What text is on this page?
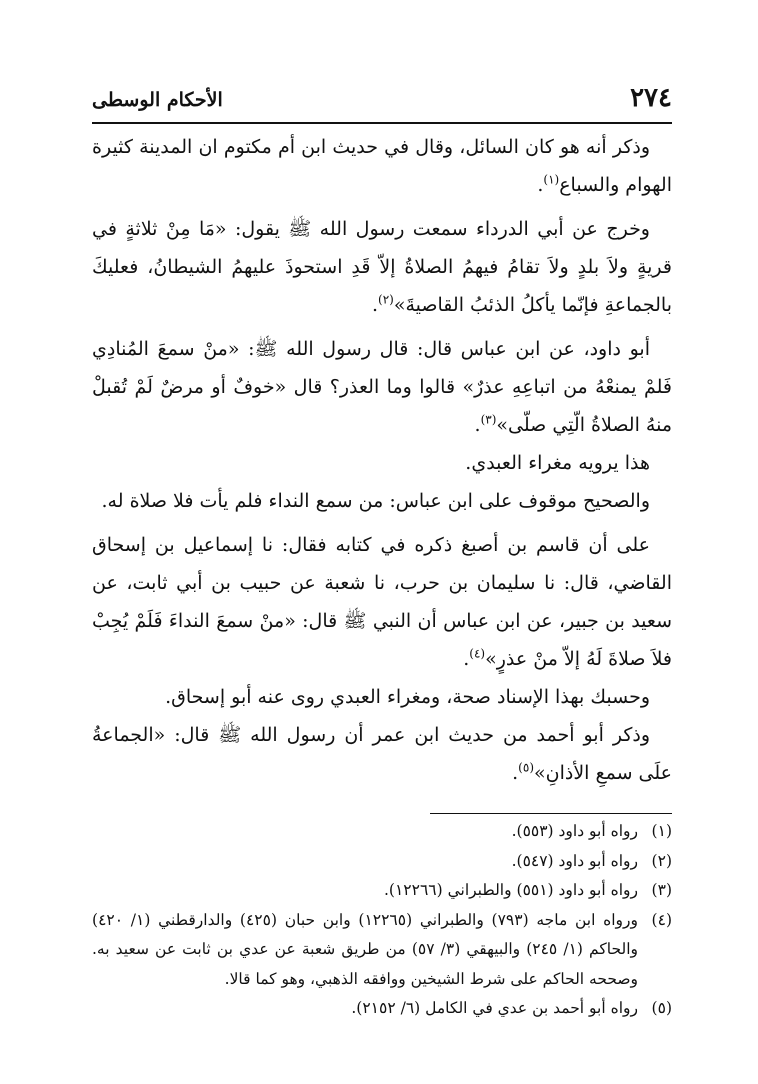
٢٧٤
الأحكام الوسطى

وذكر أنه هو كان السائل، وقال في حديث ابن أم مكتوم ان المدينة كثيرة الهوام والسباع$^{(١)}$.

وخرج عن أبي الدرداء سمعت رسول الله ﷺ يقول: «مَا مِنْ ثلاثةٍ في قريةٍ ولاَ بلدٍ ولاَ تقامُ فيهمُ الصلاةُ إلاّ قَدِ استحوذَ عليهمُ الشيطانُ، فعليكَ بالجماعةِ فإنّما يأكلُ الذئبُ القاصيةَ»$^{(٢)}$.

أبو داود، عن ابن عباس قال: قال رسول الله ﷺ: «منْ سمعَ المُنادِي فَلمْ يمنعْهُ من اتباعِهِ عذرٌ» قالوا وما العذر؟ قال «خوفٌ أو مرضٌ لَمْ تُقبلْ منهُ الصلاةُ الّتِي صلّى»$^{(٣)}$.

هذا يرويه مغراء العبدي.

والصحيح موقوف على ابن عباس: من سمع النداء فلم يأت فلا صلاة له.

على أن قاسم بن أصبغ ذكره في كتابه فقال: نا إسماعيل بن إسحاق القاضي، قال: نا سليمان بن حرب، نا شعبة عن حبيب بن أبي ثابت، عن سعيد بن جبير، عن ابن عباس أن النبي ﷺ قال: «منْ سمعَ النداءَ فَلَمْ يُجِبْ فلاَ صلاةَ لَهُ إلاّ منْ عذرٍ»$^{(٤)}$.

وحسبك بهذا الإسناد صحة، ومغراء العبدي روى عنه أبو إسحاق.

وذكر أبو أحمد من حديث ابن عمر أن رسول الله ﷺ قال: «الجماعةُ علَى سمعِ الأذانِ»$^{(٥)}$.

(١)
رواه أبو داود (٥٥٣).
(٢)
رواه أبو داود (٥٤٧).
(٣)
رواه أبو داود (٥٥١) والطبراني (١٢٢٦٦).
(٤)
ورواه ابن ماجه (٧٩٣) والطبراني (١٢٢٦٥) وابن حبان (٤٢٥) والدارقطني (١/ ٤٢٠) والحاكم (١/ ٢٤٥) والبيهقي (٣/ ٥٧) من طريق شعبة عن عدي بن ثابت عن سعيد به. وصححه الحاكم على شرط الشيخين ووافقه الذهبي، وهو كما قالا.
(٥)
رواه أبو أحمد بن عدي في الكامل (٦/ ٢١٥٢).
